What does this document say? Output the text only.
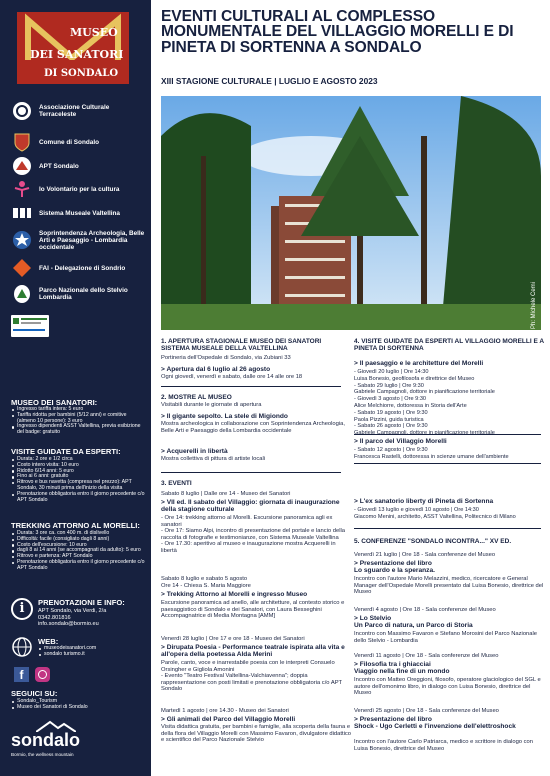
MUSEO
DEI SANATORI
DI SONDALO
Associazione Culturale Terraceleste
Comune di Sondalo
APT Sondalo
Io Volontario per la cultura
Sistema Museale Valtellina
Soprintendenza Archeologia, Belle Arti e Paesaggio - Lombardia occidentale
FAI - Delegazione di Sondrio
Parco Nazionale dello Stelvio Lombardia
MUSEO DEI SANATORI:
Ingresso tariffa intera: 5 euro
Tariffa ridotta per bambini (5/12 anni) e comitive (almeno 10 persone): 3 euro
Ingresso dipendenti ASST Valtellina, previa esibizione del badge: gratuito
VISITE GUIDATE DA ESPERTI:
Durata: 2 ore e 1/2 circa
Costo intero visita: 10 euro
Ridotto 6/14 anni: 5 euro
Fino ai 6 anni: gratuito
Ritrovo e bus navetta (compresa nel prezzo): APT Sondalo, 30 minuti prima dell'inizio della visita
Prenotazione obbligatoria entro il giorno precedente c/o APT Sondalo
TREKKING ATTORNO AL MORELLI:
Durata: 3 ore ca. con 400 m. di dislivello
Difficoltà: facile (consigliato dagli 8 anni)
Costo dell'escursione: 10 euro
dagli 8 ai 14 anni (se accompagnati da adulto): 5 euro
Ritrovo e partenza: APT Sondalo
Prenotazione obbligatoria entro il giorno precedente c/o APT Sondalo
i	PRENOTAZIONI E INFO:
APT Sondalo, via Verdi, 2/a
0342.801816
info.sondalo@bormio.eu
WEB:
museodeisanatori.com
sondalo turismo.it
f
SEGUICI SU:
Sondalo_Tourism
Museo dei Sanatori di Sondalo
sondalo
Bormio, the wellness mountain
EVENTI CULTURALI AL COMPLESSO MONUMENTALE DEL VILLAGGIO MORELLI E DI PINETA DI SORTENNA A SONDALO
XIII STAGIONE CULTURALE | LUGLIO E AGOSTO 2023
Ph: Michele Cemi
1. APERTURA STAGIONALE MUSEO DEI SANATORI SISTEMA MUSEALE DELLA VALTELLINA
Portineria dell'Ospedale di Sondalo, via Zubiani 33
> Apertura dal 6 luglio al 26 agosto
Ogni giovedì, venerdì e sabato, dalle ore 14 alle ore 18
2. MOSTRE AL MUSEO
Visitabili durante le giornate di apertura
> Il gigante sepolto. La stele di Migiondo
Mostra archeologica in collaborazione con Soprintendenza Archeologia, Belle Arti e Paesaggio della Lombardia occidentale
> Acquerelli in libertà
Mostra collettiva di pittura di artiste locali
3. EVENTI
Sabato 8 luglio | Dalle ore 14 - Museo dei Sanatori
> VII ed. Il sabato del Villaggio: giornata di inaugurazione della stagione culturale
- Ore 14: trekking attorno al Morelli. Escursione panoramica agli ex sanatori
- Ore 17: Siamo Alpi, incontro di presentazione del portale e lancio della raccolta di fotografie e testimonianze, con Sistema Museale Valtellina
- Ore 17.30: aperitivo al museo e inaugurazione mostra Acquerelli in libertà
Sabato 8 luglio e sabato 5 agosto
Ore 14 - Chiesa S. Maria Maggiore
> Trekking Attorno al Morelli e ingresso Museo
Escursione panoramica ad anello, alle architetture, al contesto storico e paesaggistico di Sondalo e dei Sanatori, con Laura Besseghini Accompagnatrice di Media Montagna [AMM]
Venerdì 28 luglio | Ore 17 e ore 18 - Museo dei Sanatori
> Dirupata Poesia - Performance teatrale ispirata alla vita e all'opera della poetessa Alda Merini
Parole, canto, voce e inarrestabile poesia con le interpreti Consuelo Orsingher e Gigliola Amonini
- Evento "Teatro Festival Valtellina-Valchiavenna"; doppia rappresentazione con posti limitati e prenotazione obbligatoria c/o APT Sondalo
Martedì 1 agosto | ore 14.30 - Museo dei Sanatori
> Gli animali del Parco del Villaggio Morelli
Visita didattica gratuita, per bambini e famiglie, alla scoperta della fauna e della flora del Villaggio Morelli con Massimo Favaron, divulgatore didattico e scientifico del Parco Nazionale Stelvio
4. VISITE GUIDATE DA ESPERTI AL VILLAGGIO MORELLI E A PINETA DI SORTENNA
> Il paesaggio e le architetture del Morelli
- Giovedì 20 luglio | Ore 14:30
Luisa Bonesio, geofilosofa e direttrice del Museo
- Sabato 29 luglio | Ore 9:30
Gabriele Campagnoli, dottore in pianificazione territoriale
- Giovedì 3 agosto | Ore 9:30
Alice Melchiorre, dottoressa in Storia dell'Arte
- Sabato 19 agosto | Ore 9:30
Paola Pizzini, guida turistica
- Sabato 26 agosto | Ore 9:30

> Il parco del Villaggio Morelli
- Sabato 12 agosto | Ore 9:30
Francesca Rastelli, dottoressa in scienze umane dell'ambiente
> L'ex sanatorio liberty di Pineta di Sortenna
- Giovedì 13 luglio e giovedì 10 agosto | Ore 14:30
Giacomo Menini, architetto, ASST Valtellina, Politecnico di Milano
5. CONFERENZE "SONDALO INCONTRA..." XV ED.
Venerdì 21 luglio | Ore 18 - Sala conferenze del Museo
> Presentazione del libro
Lo sguardo e la speranza.
Incontro con l'autore Mario Melazzini, medico, ricercatore e General Manager dell'Ospedale Morelli presentato dal Luisa Bonesio, direttrice del Museo
Venerdì 4 agosto | Ore 18 - Sala conferenze del Museo
> Lo Stelvio
Un Parco di natura, un Parco di Storia
Incontro con Massimo Favaron e Stefano Morosini del Parco Nazionale dello Stelvio - Lombardia
Venerdì 11 agosto | Ore 18 - Sala conferenze del Museo
> Filosofia tra i ghiacciai
Viaggio nella fine di un mondo
Incontro con Matteo Oreggioni, filosofo, operatore glaciologico del SGL e autore dell'omonimo libro, in dialogo con Luisa Bonesio, direttrice del Museo
Venerdì 25 agosto | Ore 18 - Sala conferenze del Museo
> Presentazione del libro
Shock - Ugo Cerletti e l'invenzione dell'elettroshock
Incontro con l'autore Carlo Patriarca, medico e scrittore in dialogo con Luisa Bonesio, direttrice del Museo
